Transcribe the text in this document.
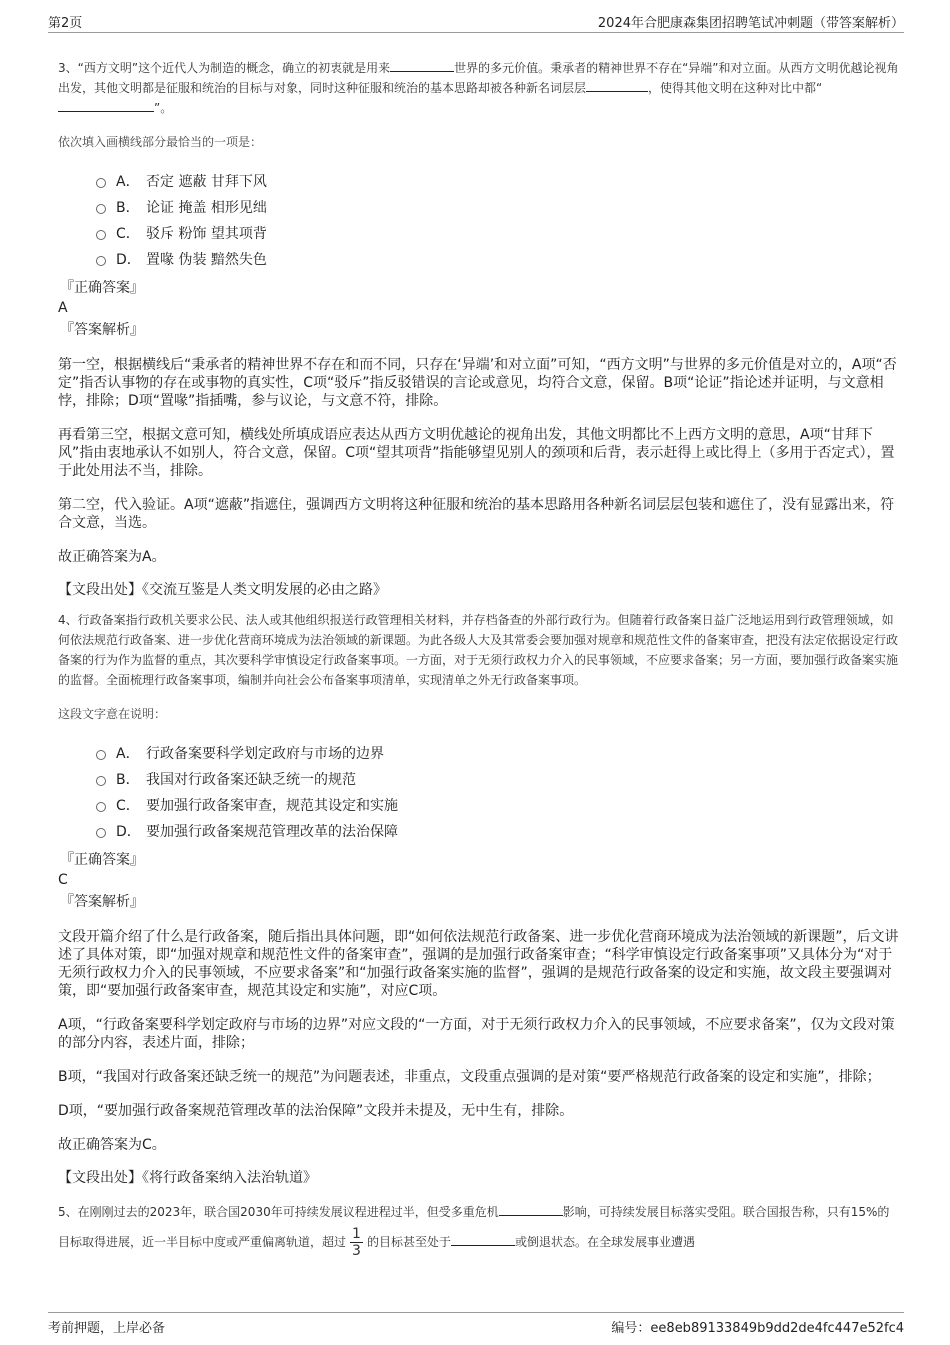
第2页	2024年合肥康森集团招聘笔试冲刺题（带答案解析）

3、“西方文明”这个近代人为制造的概念，确立的初衷就是用来	世界的多元价值。秉承者的精神世界不存在“异端”和对立面。从西方文明优越论视角出发，其他文明都是征服和统治的目标与对象，同时这种征服和统治的基本思路却被各种新名词层层	，使得其他文明在这种对比中都“”。

依次填入画横线部分最恰当的一项是：

A． 否定 遮蔽 甘拜下风
B． 论证 掩盖 相形见绌
C． 驳斥 粉饰 望其项背
D． 置喙 伪装 黯然失色

『正确答案』

A

『答案解析』

第一空，根据横线后“秉承者的精神世界不存在和而不同，只存在‘异端’和对立面”可知，“西方文明”与世界的多元价值是对立的，A项“否定”指否认事物的存在或事物的真实性，C项“驳斥”指反驳错误的言论或意见，均符合文意，保留。B项“论证”指论述并证明，与文意相悖，排除；D项“置喙”指插嘴，参与议论，与文意不符，排除。

再看第三空，根据文意可知，横线处所填成语应表达从西方文明优越论的视角出发，其他文明都比不上西方文明的意思，A项“甘拜下风”指由衷地承认不如别人，符合文意，保留。C项“望其项背”指能够望见别人的颈项和后背，表示赶得上或比得上（多用于否定式），置于此处用法不当，排除。

第二空，代入验证。A项“遮蔽”指遮住，强调西方文明将这种征服和统治的基本思路用各种新名词层层包装和遮住了，没有显露出来，符合文意，当选。

故正确答案为A。

【文段出处】《交流互鉴是人类文明发展的必由之路》

4、行政备案指行政机关要求公民、法人或其他组织报送行政管理相关材料，并存档备查的外部行政行为。但随着行政备案日益广泛地运用到行政管理领域，如何依法规范行政备案、进一步优化营商环境成为法治领域的新课题。为此各级人大及其常委会要加强对规章和规范性文件的备案审查，把没有法定依据设定行政备案的行为作为监督的重点，其次要科学审慎设定行政备案事项。一方面，对于无须行政权力介入的民事领域，不应要求备案；另一方面，要加强行政备案实施的监督。全面梳理行政备案事项，编制并向社会公布备案事项清单，实现清单之外无行政备案事项。

这段文字意在说明：

A． 行政备案要科学划定政府与市场的边界
B． 我国对行政备案还缺乏统一的规范
C． 要加强行政备案审查，规范其设定和实施
D． 要加强行政备案规范管理改革的法治保障

『正确答案』

C

『答案解析』

文段开篇介绍了什么是行政备案，随后指出具体问题，即“如何依法规范行政备案、进一步优化营商环境成为法治领域的新课题”，后文讲述了具体对策，即“加强对规章和规范性文件的备案审查”，强调的是加强行政备案审查；“科学审慎设定行政备案事项”又具体分为“对于无须行政权力介入的民事领域，不应要求备案”和“加强行政备案实施的监督”，强调的是规范行政备案的设定和实施，故文段主要强调对策，即“要加强行政备案审查，规范其设定和实施”，对应C项。

A项，“行政备案要科学划定政府与市场的边界”对应文段的“一方面，对于无须行政权力介入的民事领域，不应要求备案”，仅为文段对策的部分内容，表述片面，排除；

B项，“我国对行政备案还缺乏统一的规范”为问题表述，非重点，文段重点强调的是对策“要严格规范行政备案的设定和实施”，排除；

D项，“要加强行政备案规范管理改革的法治保障”文段并未提及，无中生有，排除。

故正确答案为C。

【文段出处】《将行政备案纳入法治轨道》

5、在刚刚过去的2023年，联合国2030年可持续发展议程进程过半，但受多重危机	影响，可持续发展目标落实受阻。联合国报告称，只有15%的目标取得进展，近一半目标中度或严重偏离轨道，超过 $\frac{1}{3}$ 的目标甚至处于	或倒退状态。在全球发展事业遭遇

考前押题，上岸必备	编号：ee8eb89133849b9dd2de4fc447e52fc4
